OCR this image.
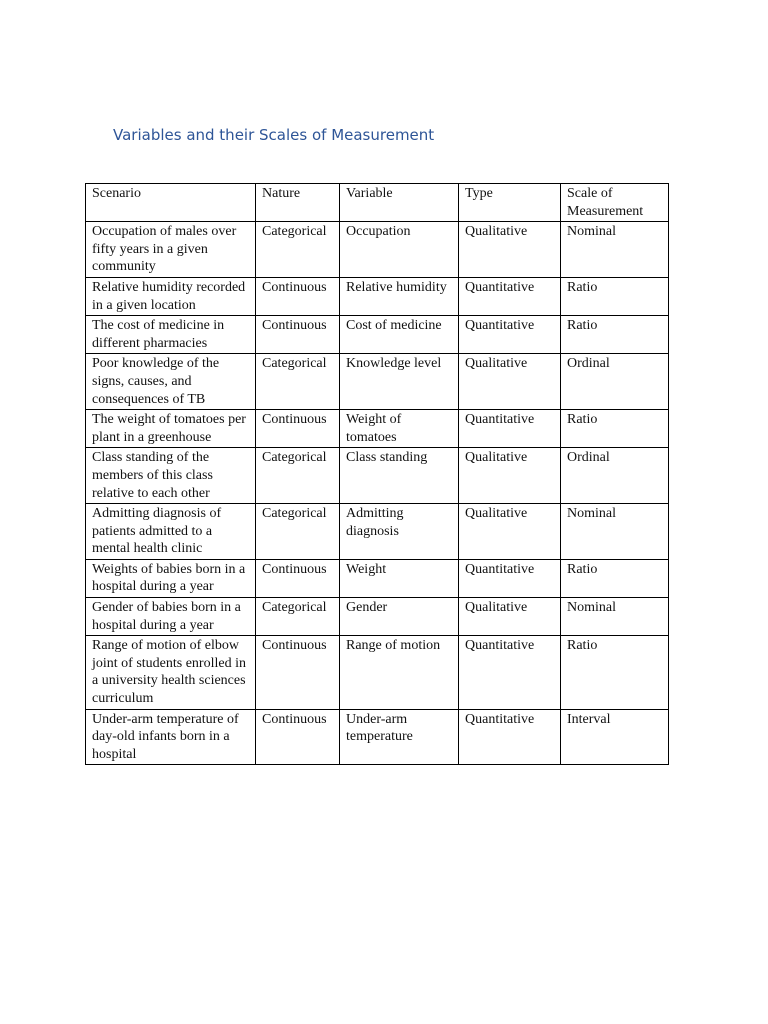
Variables and their Scales of Measurement
Scenario	Nature	Variable	Type	Scale of Measurement
Occupation of males over fifty years in a given community	Categorical	Occupation	Qualitative	Nominal
Relative humidity recorded in a given location	Continuous	Relative humidity	Quantitative	Ratio
The cost of medicine in different pharmacies	Continuous	Cost of medicine	Quantitative	Ratio
Poor knowledge of the signs, causes, and consequences of TB	Categorical	Knowledge level	Qualitative	Ordinal
The weight of tomatoes per plant in a greenhouse	Continuous	Weight of tomatoes	Quantitative	Ratio
Class standing of the members of this class relative to each other	Categorical	Class standing	Qualitative	Ordinal
Admitting diagnosis of patients admitted to a mental health clinic	Categorical	Admitting diagnosis	Qualitative	Nominal
Weights of babies born in a hospital during a year	Continuous	Weight	Quantitative	Ratio
Gender of babies born in a hospital during a year	Categorical	Gender	Qualitative	Nominal
Range of motion of elbow joint of students enrolled in a university health sciences curriculum	Continuous	Range of motion	Quantitative	Ratio
Under-arm temperature of day-old infants born in a hospital	Continuous	Under-arm temperature	Quantitative	Interval
